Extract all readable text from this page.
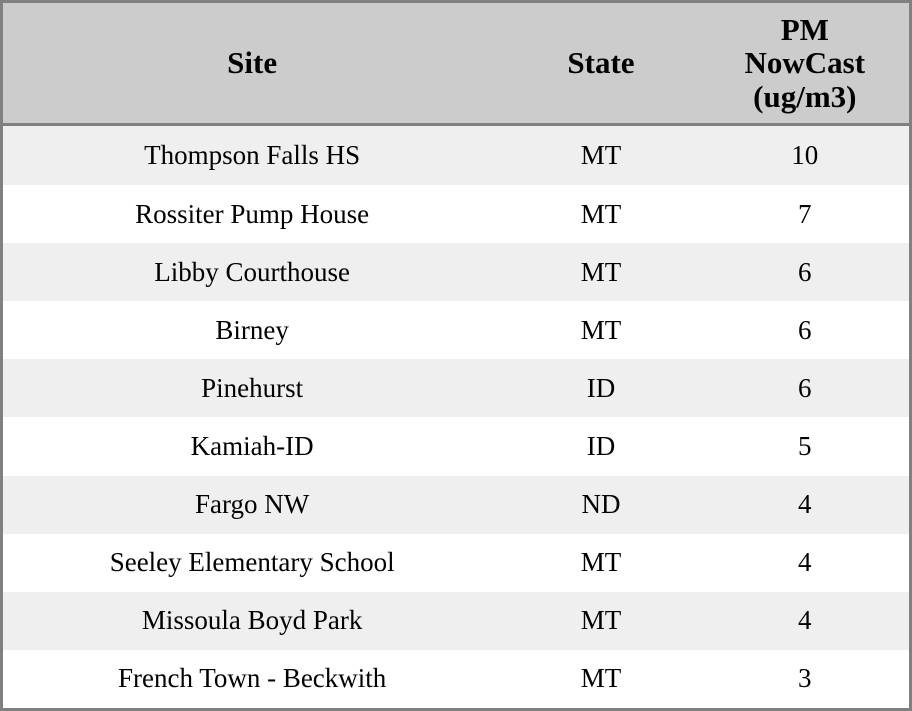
Site	State	PM
NowCast
(ug/m3)

Thompson Falls HS	MT	10
Rossiter Pump House	MT	7
Libby Courthouse	MT	6
Birney	MT	6
Pinehurst	ID	6
Kamiah-ID	ID	5
Fargo NW	ND	4
Seeley Elementary School	MT	4
Missoula Boyd Park	MT	4
French Town - Beckwith	MT	3
